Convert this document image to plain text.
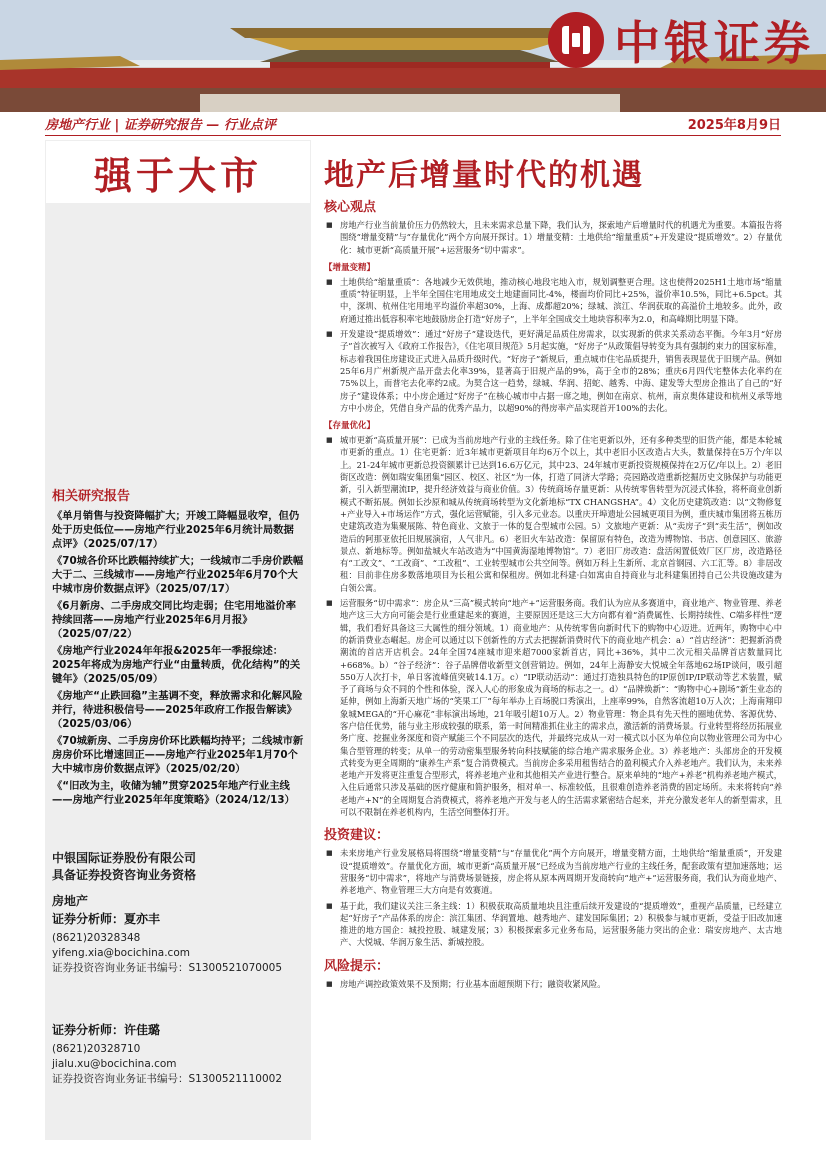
中银证券
房地产行业 | 证券研究报告 — 行业点评	2025年8月9日
强于大市
相关研究报告
《单月销售与投资降幅扩大；开竣工降幅显收窄，但仍处于历史低位——房地产行业2025年6月统计局数据点评》（2025/07/17）
《70城各价环比跌幅持续扩大；一线城市二手房价跌幅大于二、三线城市——房地产行业2025年6月70个大中城市房价数据点评》（2025/07/17）
《6月新房、二手房成交同比均走弱；住宅用地溢价率持续回落——房地产行业2025年6月月报》（2025/07/22）
《房地产行业2024年年报&2025年一季报综述：2025年将成为房地产行业“由量转质，优化结构”的关键年》（2025/05/09）
《房地产“止跌回稳”主基调不变，释放需求和化解风险并行，待进积极信号——2025年政府工作报告解读》（2025/03/06）
《70城新房、二手房房价环比跌幅均持平；二线城市新房房价环比增速回正——房地产行业2025年1月70个大中城市房价数据点评》（2025/02/20）
《“旧改为主，收储为辅”贯穿2025年地产行业主线——房地产行业2025年年度策略》（2024/12/13）
中银国际证券股份有限公司
具备证券投资咨询业务资格
房地产
证券分析师：夏亦丰
(8621)20328348
yifeng.xia@bocichina.com
证券投资咨询业务证书编号：S1300521070005
证券分析师：许佳璐
(8621)20328710
jialu.xu@bocichina.com
证券投资咨询业务证书编号：S1300521110002
地产后增量时代的机遇
核心观点
■ 房地产行业当前量价压力仍然较大，且未来需求总量下降，我们认为，探索地产后增量时代的机遇尤为重要。本篇报告将围绕“增量变精”与“存量优化”两个方向展开探讨。1）增量变精：土地供给“缩量重质”+开发建设“提质增效”。2）存量优化：城市更新“高质量开展”+运营服务“切中需求”。
【增量变精】
■ 土地供给“缩量重质”：各地减少无效供地，推动核心地段宅地入市，规划调整更合理。这也使得2025H1土地市场“缩量重质”特征明显，上半年全国住宅用地成交土地建面同比-4%，楼面均价同比+25%，溢价率10.5%，同比+6.5pct。其中，深圳、杭州住宅用地平均溢价率超30%，上海、成都超20%；绿城、滨江、华润获取的高溢价土地较多。此外，政府通过推出低容积率宅地鼓励房企打造“好房子”，上半年全国成交土地块容积率为2.0，和高峰期比明显下降。
■ 开发建设“提质增效”：通过“好房子”建设迭代，更好满足品质住房需求，以实现新的供求关系动态平衡。今年3月“好房子”首次被写入《政府工作报告》，《住宅项目规范》5月起实施，“好房子”从政策倡导转变为具有强制约束力的国家标准，标志着我国住房建设正式进入品质升级时代。“好房子”新规后，重点城市住宅品质提升，销售表现显优于旧规产品。例如25年6月广州新规产品开盘去化率39%，显著高于旧规产品的9%，高于全市的28%；重庆6月四代宅整体去化率约在75%以上，而普宅去化率约2成。为契合这一趋势，绿城、华润、招蛇、越秀、中海、建发等大型房企推出了自己的“好房子”建设体系；中小房企通过“好房子”在核心城市中占据一席之地，例如在南京、杭州，南京奥体建设和杭州义承等地方中小房企，凭借自身产品的优秀产品力，以超90%的得房率产品实现首开100%的去化。
【存量优化】
■ 城市更新“高质量开展”：已成为当前房地产行业的主线任务。除了住宅更新以外，还有多种类型的旧货产能，都是本轮城市更新的重点。1）住宅更新：近3年城市更新项目年均6万个以上，其中老旧小区改造占大头，数量保持在5万个/年以上。21-24年城市更新总投资额累计已达到16.6万亿元，其中23、24年城市更新投资规模保持在2万亿/年以上。2）老旧街区改造：例如瑞安集团集“园区、校区、社区”为一体，打造了同济大学路；亮园路改造重新挖掘历史文脉保护与功能更新，引入新型潮流IP，提升经济效益与商业价值。3）传统商场存量更新：从传统零售转型为沉浸式体验，将杯商业创新模式不断拓展。例如长沙原和城从传统商场转型为文化新地标“TX CHANGSHA”。4）文化历史建筑改造：以“文物修复+产业导入+市场运作”方式，强化运营赋能，引入多元业态。以重庆开埠遗址公园城更项目为例，重庆城市集团将五栋历史建筑改造为集聚展陈、特色商业、文旅于一体的复合型城市公园。5）文旅地产更新：从“卖房子”到“卖生活”，例如改造后的阿那亚依托旧规展演宿，人气非凡。6）老旧火车站改造：保留原有特色，改造为博物馆、书店、创意园区、旅游景点、新地标等。例如盐城火车站改造为“中国黄海湿地博物馆”。7）老旧厂房改造：盘活闲置低效厂区厂房，改造路径有“工改文”、“工改商”、“工改租”、工业转型城市公共空间等。例如万科上生新所、北京首钢园、六工汇等。8）非居改租：目前非住房多数落地项目为长租公寓和保租房。例如北科建·白如寓由自持商业与北科建集团持自己公共设施改建为白领公寓。
■ 运营服务“切中需求”：房企从“三高”模式转向“地产+”运营服务商。我们认为应从多赛道中，商业地产、物业管理、养老地产这三大方向可能会是行业重建起来的赛道，主要原因还是这三大方向都有着“消费属性、长期持续性、C端多样性”逻辑，我们看好具备这三大属性的细分领域。1）商业地产：从传统零售向新时代下的购物中心迈进。近两年，购物中心中的新消费业态崛起。房企可以通过以下创新性的方式去把握新消费时代下的商业地产机会：a）“首店经济”：把握新消费潮流的首店开店机会。24年全国74座城市迎来超7000家新首店，同比+36%，其中二次元相关品牌首店数量同比+668%。b）“谷子经济”：谷子品牌借收新型文创营销边。例如，24年上海静安大悦城全年落地62场IP谈问，吸引超550万人次打卡，单日客流峰值突破14.1万。c）“IP联动活动”：通过打造独具特色的IP原创IP/IP联动等艺术装置，赋予了商场与众不同的个性和体验，深入人心的形象成为商场的标志之一。d）“品牌焕新”：“购物中心+剧场”新生业态的延伸，例如上海新天地广场的“笑果工厂”每年举办上百场脱口秀演出，上座率99%，自然客流超10万人次；上海南翔印象城MEGA的“开心麻花”非标演出场地，21年吸引超10万人。2）物业管理：物企具有先天性的圈地优势、客源优势、客户信任优势，能与业主形成较强的联系，第一时间精准抓住业主的需求点，激活新的消费场景。行业转型将经历拓展业务广度、挖掘业务深度和资产赋能三个不同层次的迭代，并最终完成从一对一模式以小区为单位向以物业管理公司为中心集合型管理的转变；从单一的劳动密集型服务转向科技赋能的综合地产需求服务企业。3）养老地产：头部房企的开发模式转变为更全周期的“康养生产系”复合消费模式。当前房企多采用租售结合的盈利模式介入养老地产。我们认为，未来养老地产开发将更注重复合型形式，将养老地产业和其他相关产业进行整合。原来单纯的“地产+养老”机构养老地产模式，入住后通常只涉及基础的医疗健康和简护服务，相对单一、标准较低，且很难创造养老消费的固定场所。未来将转向“养老地产+N”的全周期复合消费模式，将养老地产开发与老人的生活需求紧密结合起来，并充分激发老年人的新型需求，且可以不限制在养老机构内，生活空间整体打开。
投资建议：
■ 未来房地产行业发展格局将围绕“增量变精”与“存量优化”两个方向展开，增量变精方面，土地供给“缩量重质”，开发建设“提质增效”。存量优化方面，城市更新“高质量开展”已经成为当前房地产行业的主线任务，配套政策有望加速落地；运营服务“切中需求”，将地产与消费场景链接，房企将从原本两周期开发商转向“地产+”运营服务商，我们认为商业地产、养老地产、物业管理三大方向是有效赛道。
■ 基于此，我们建议关注三条主线：1）积极获取高质量地块且注重后续开发建设的“提质增效”，重视产品质量，已经建立起“好房子”产品体系的房企：滨江集团、华润置地、越秀地产、建发国际集团；2）积极参与城市更新，受益于旧改加速推进的地方国企：城投控股、城建发展；3）积极探索多元业务布局，运营服务能力突出的企业：瑞安房地产、太古地产、大悦城、华润万象生活、新城控股。
风险提示：
■ 房地产调控政策效果不及预期；行业基本面超预期下行；融资收紧风险。
